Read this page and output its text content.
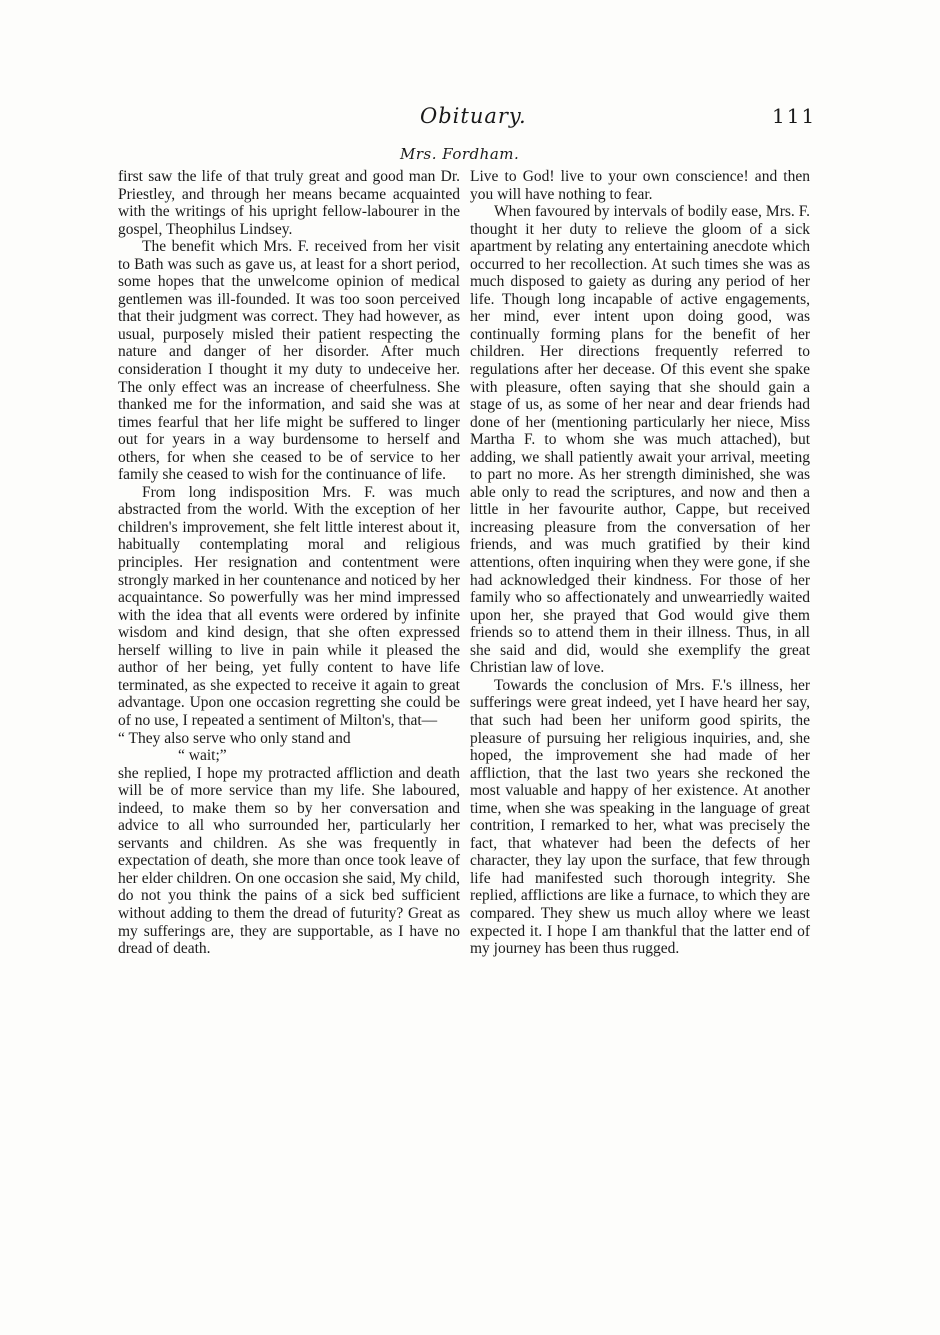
Obituary.	111
Mrs. Fordham.

first saw the life of that truly great and good man Dr. Priestley, and through her means became acquainted with the writings of his upright fellow-labourer in the gospel, Theophilus Lindsey.

The benefit which Mrs. F. received from her visit to Bath was such as gave us, at least for a short period, some hopes that the unwelcome opinion of medical gentlemen was ill-founded. It was too soon perceived that their judgment was correct. They had however, as usual, purposely misled their patient respecting the nature and danger of her disorder. After much consideration I thought it my duty to undeceive her. The only effect was an increase of cheerfulness. She thanked me for the information, and said she was at times fearful that her life might be suffered to linger out for years in a way burdensome to herself and others, for when she ceased to be of service to her family she ceased to wish for the continuance of life.

From long indisposition Mrs. F. was much abstracted from the world. With the exception of her children's improvement, she felt little interest about it, habitually contemplating moral and religious principles. Her resignation and contentment were strongly marked in her countenance and noticed by her acquaintance. So powerfully was her mind impressed with the idea that all events were ordered by infinite wisdom and kind design, that she often expressed herself willing to live in pain while it pleased the author of her being, yet fully content to have life terminated, as she expected to receive it again to great advantage. Upon one occasion regretting she could be of no use, I repeated a sentiment of Milton's, that—

“ They also serve who only stand and

“ wait;”

she replied, I hope my protracted affliction and death will be of more service than my life. She laboured, indeed, to make them so by her conversation and advice to all who surrounded her, particularly her servants and children. As she was frequently in expectation of death, she more than once took leave of her elder children. On one occasion she said, My child, do not you think the pains of a sick bed sufficient without adding to them the dread of futurity? Great as my sufferings are, they are supportable, as I have no dread of death.

Live to God! live to your own conscience! and then you will have nothing to fear.

When favoured by intervals of bodily ease, Mrs. F. thought it her duty to relieve the gloom of a sick apartment by relating any entertaining anecdote which occurred to her recollection. At such times she was as much disposed to gaiety as during any period of her life. Though long incapable of active engagements, her mind, ever intent upon doing good, was continually forming plans for the benefit of her children. Her directions frequently referred to regulations after her decease. Of this event she spake with pleasure, often saying that she should gain a stage of us, as some of her near and dear friends had done of her (mentioning particularly her niece, Miss Martha F. to whom she was much attached), but adding, we shall patiently await your arrival, meeting to part no more. As her strength diminished, she was able only to read the scriptures, and now and then a little in her favourite author, Cappe, but received increasing pleasure from the conversation of her friends, and was much gratified by their kind attentions, often inquiring when they were gone, if she had acknowledged their kindness. For those of her family who so affectionately and unwearriedly waited upon her, she prayed that God would give them friends so to attend them in their illness. Thus, in all she said and did, would she exemplify the great Christian law of love.

Towards the conclusion of Mrs. F.'s illness, her sufferings were great indeed, yet I have heard her say, that such had been her uniform good spirits, the pleasure of pursuing her religious inquiries, and, she hoped, the improvement she had made of her affliction, that the last two years she reckoned the most valuable and happy of her existence. At another time, when she was speaking in the language of great contrition, I remarked to her, what was precisely the fact, that whatever had been the defects of her character, they lay upon the surface, that few through life had manifested such thorough integrity. She replied, afflictions are like a furnace, to which they are compared. They shew us much alloy where we least expected it. I hope I am thankful that the latter end of my journey has been thus rugged.
